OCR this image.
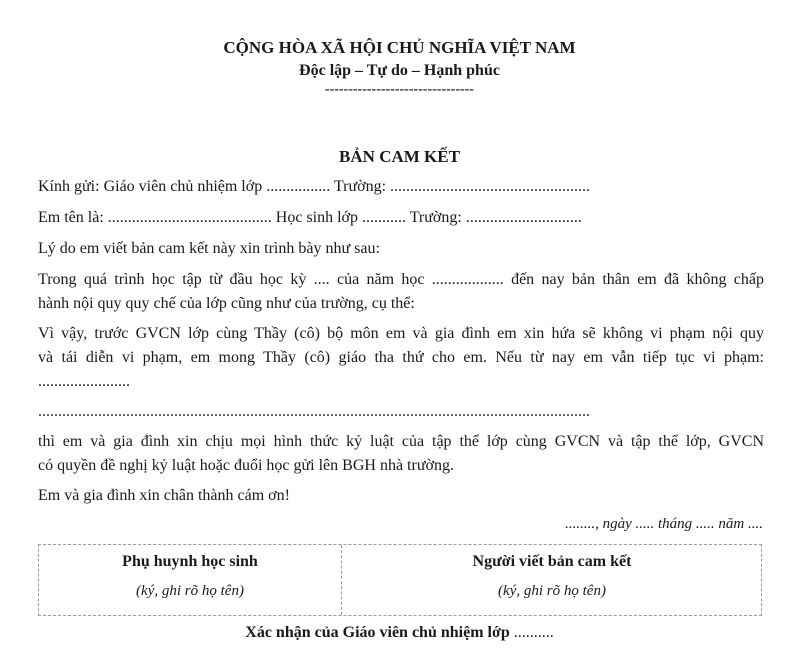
CỘNG HÒA XÃ HỘI CHỦ NGHĨA VIỆT NAM
Độc lập – Tự do – Hạnh phúc
--------------------------------
BẢN CAM KẾT
Kính gửi: Giáo viên chủ nhiệm lớp ................ Trường: ..................................................
Em tên là: ......................................... Học sinh lớp ........... Trường: .............................
Lý do em viết bản cam kết này xin trình bày như sau:
Trong quá trình học tập từ đầu học kỳ .... của năm học .................. đến nay bản thân em đã không chấp
hành nội quy quy chế của lớp cũng như của trường, cụ thể:
Vì vậy, trước GVCN lớp cùng Thầy (cô) bộ môn em và gia đình em xin hứa sẽ không vi phạm nội quy
và tái diễn vi phạm, em mong Thầy (cô) giáo tha thứ cho em. Nếu từ nay em vẫn tiếp tục vi phạm:
.......................
..........................................................................................................................................
thì em và gia đình xin chịu mọi hình thức kỷ luật của tập thể lớp cùng GVCN và tập thể lớp, GVCN
có quyền đề nghị kỷ luật hoặc đuổi học gửi lên BGH nhà trường.
Em và gia đình xin chân thành cám ơn!
........, ngày ..... tháng ..... năm ....
Phụ huynh học sinh
(ký, ghi rõ họ tên)
Người viết bản cam kết
(ký, ghi rõ họ tên)
Xác nhận của Giáo viên chủ nhiệm lớp ..........
